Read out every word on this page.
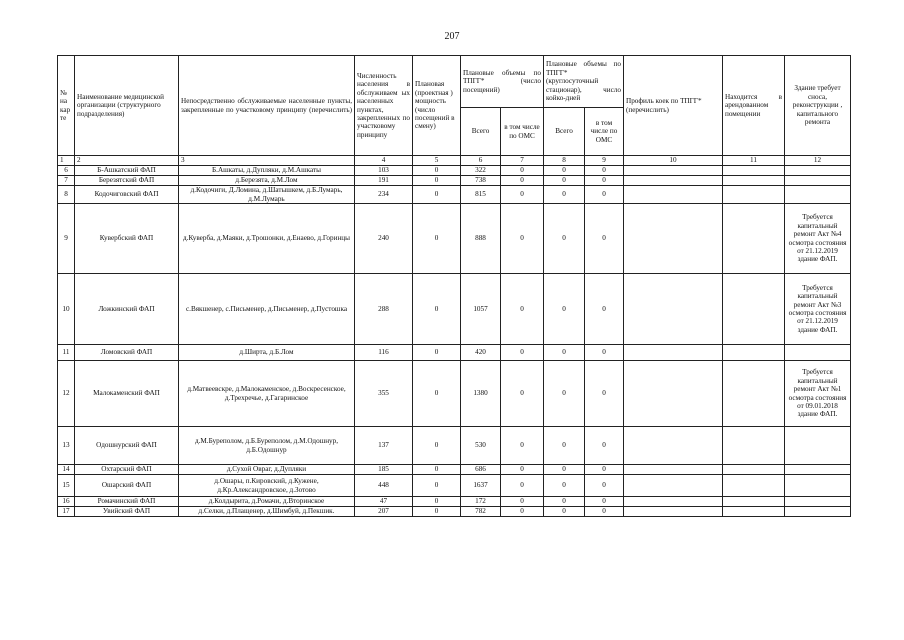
207
№ на кар те	Наименование медицинской организации (структурного подразделения)	Непосредственно обслуживаемые населенные пункты, закрепленные по участковому принципу (перечислить)	Численность населения в обслуживаем ых населенных пунктах, закрепленных по участковому принципу	Плановая (проектная ) мощность (число посещений в смену)	Плановые объемы по ТПГГ* (число посещений)		Плановые объемы по ТПГГ* (круглосуточный стационар), число койко-дней		Профиль коек по ТПГГ* (перечислить)	Находится в арендованном помещении	Здание требует сноса, реконструкции , капитального ремонта
					Всего	в том числе по ОМС	Всего	в том числе по ОМС			
1	2	3	4	5	6	7	8	9	10	11	12
6	Б-Ашкатский ФАП	Б.Ашкаты, д.Дупляки, д.М.Ашкаты	103	0	322	0	0	0			
7	Березятский ФАП	д.Березята, д.М.Лом	191	0	738	0	0	0			
8	Кодочиговский ФАП	д.Кодочиги, Д.Ломина, д.Шатышкем, д.Б.Лумарь, д.М.Лумарь	234	0	815	0	0	0			
9	Кувербский ФАП	д.Куверба, д.Маяки, д.Трошонки, д.Енаево, д.Горинцы	240	0	888	0	0	0			Требуется капитальный ремонт Акт №4 осмотра состояния от 21.12.2019 здание ФАП.
10	Ложкинский ФАП	с.Вякшенер, с.Письменер, д.Письменер, д.Пустошка	288	0	1057	0	0	0			Требуется капитальный ремонт Акт №3 осмотра состояния от 21.12.2019 здание ФАП.
11	Ломовский ФАП	д.Ширта, д.Б.Лом	116	0	420	0	0	0			
12	Малокаменский ФАП	д.Матвеевскре, д.Малокаменское, д.Воскресенское, д.Трехречье, д.Гагаринское	355	0	1380	0	0	0			Требуется капитальный ремонт Акт №1 осмотра состояния от 09.01.2018 здание ФАП.
13	Одошнурский ФАП	д.М.Буреполом, д.Б.Бурeполом, д.М.Одошнур, д.Б.Одошнур	137	0	530	0	0	0			
14	Охтарский ФАП	д.Сухой Овраг, д.Дупляки	185	0	686	0	0	0			
15	Ошарский ФАП	д.Ошары, п.Кировский, д.Кужене, д.Кр.Александровское, д.Зотово	448	0	1637	0	0	0			
16	Ромачинский ФАП	д.Колдырита, д.Ромачи, д.Вторинское	47	0	172	0	0	0			
17	Увийский ФАП	д.Селки, д.Плащенер, д.Шимбуй, д.Пекшик.	207	0	782	0	0	0			
